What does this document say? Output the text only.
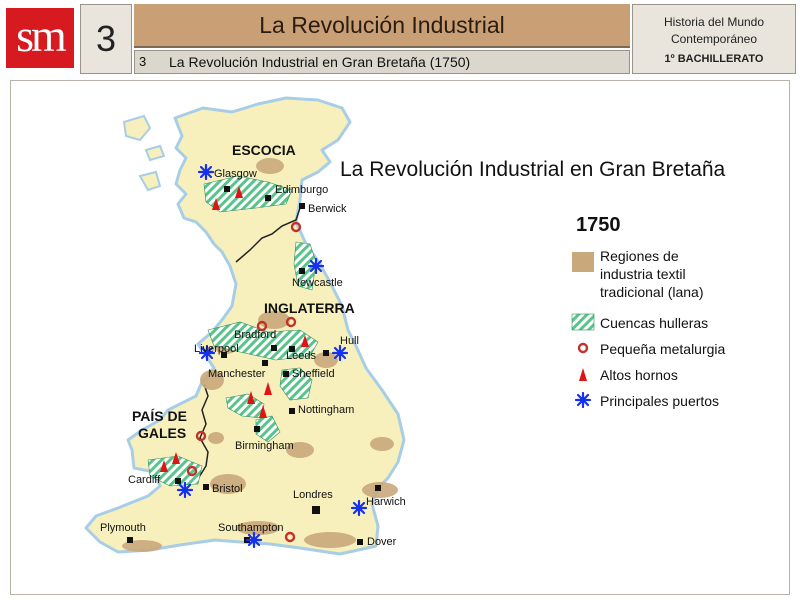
sm 3	La Revolución Industrial
3 La Revolución Industrial en Gran Bretaña (1750)
Historia del Mundo
Contemporáneo
1º BACHILLERATO
La Revolución Industrial en Gran Bretaña
1750
Regiones de
industria textil
tradicional (lana)
Cuencas hulleras
Pequeña metalurgia
Altos hornos
Principales puertos
ESCOCIA
INGLATERRA
PAÍS DE
GALES
Glasgow
Edimburgo
Berwick
Newcastle
Bradford	Hull
Liverpool
Leeds
Manchester Sheffield
Nottingham
Birmingham
Cardiff
Bristol	Londres
Harwich
Plymouth	Southampton
Dover
